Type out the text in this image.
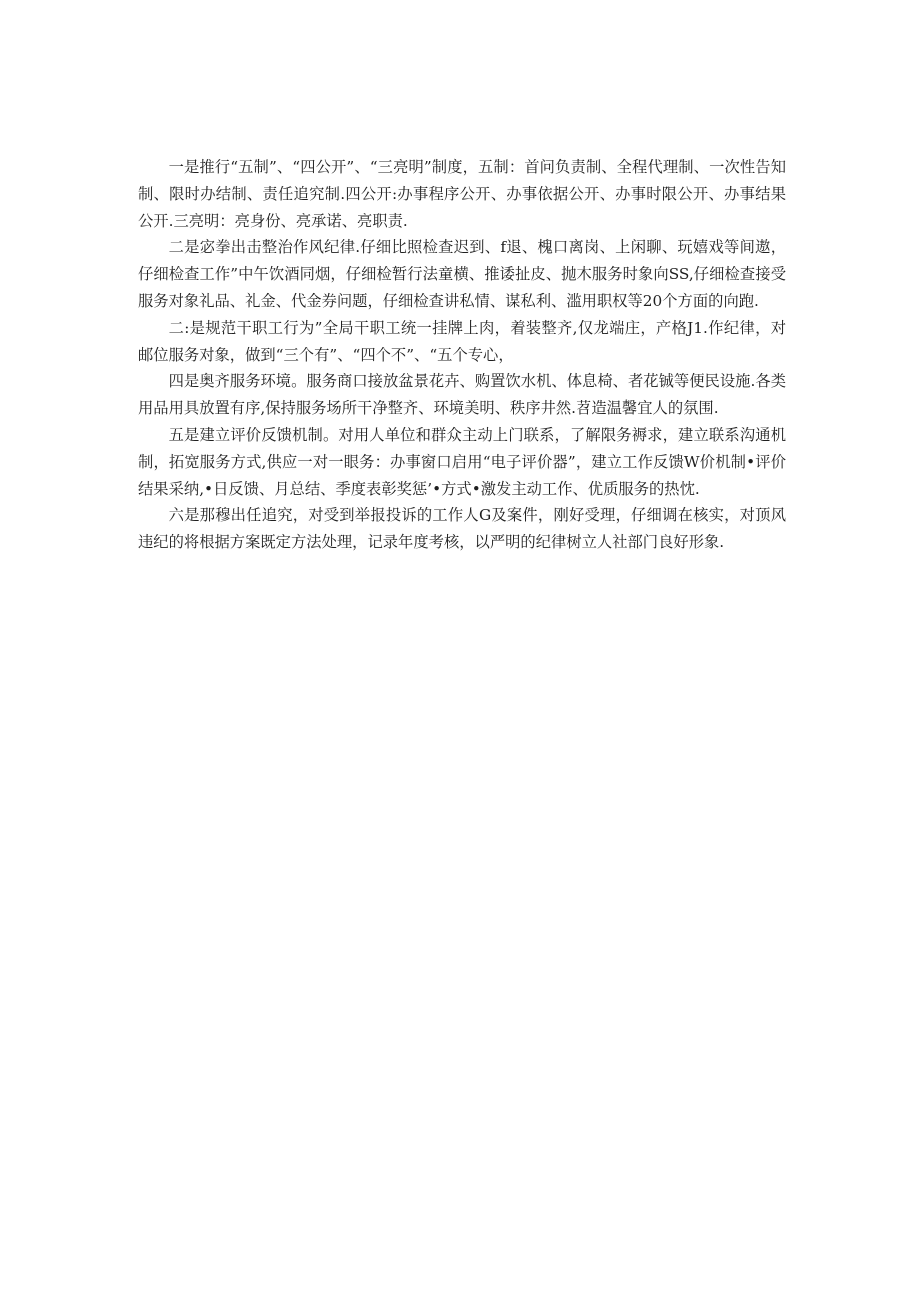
一是推行“五制”、“四公开”、“三亮明”制度，五制：首问负责制、全程代理制、一次性告知制、限时办结制、责任追究制.四公开:办事程序公开、办事依据公开、办事时限公开、办事结果公开.三亮明：亮身份、亮承诺、亮职责.

二是宓拳出击整治作风纪律.仔细比照检查迟到、f退、槐口离岗、上闲聊、玩嬉戏等间遨，仔细检查工作”中午饮酒同烟，仔细检暂行法童横、推诿扯皮、抛木服务时象向SS,仔细检查接受服务对象礼品、礼金、代金券问题，仔细检查讲私情、谋私利、滥用职权等20个方面的向跑.

二:是规范干职工行为”全局干职工统一挂牌上肉，着装整齐,仅龙端庄，产格J1.作纪律，对邮位服务对象，做到“三个有”、“四个不”、“五个专心，

四是奥齐服务环境。服务商口接放盆景花卉、购置饮水机、体息椅、者花铖等便民设施.各类用品用具放置有序,保持服务场所干净整齐、环境美明、秩序井然.苕造温馨宜人的氛围.

五是建立评价反馈机制。对用人单位和群众主动上门联系，了解限务褥求，建立联系沟通机制，拓宽服务方式,供应一对一眼务：办事窗口启用“电子评价器”，建立工作反馈W价机制•评价结果采纳,•日反馈、月总结、季度表彰奖惩’•方式•激发主动工作、优质服务的热忱.

六是那穆出任追究，对受到举报投诉的工作人G及案件，刚好受理，仔细调在核实，对顶风违纪的将根据方案既定方法处理，记录年度考核，以严明的纪律树立人社部门良好形象.
